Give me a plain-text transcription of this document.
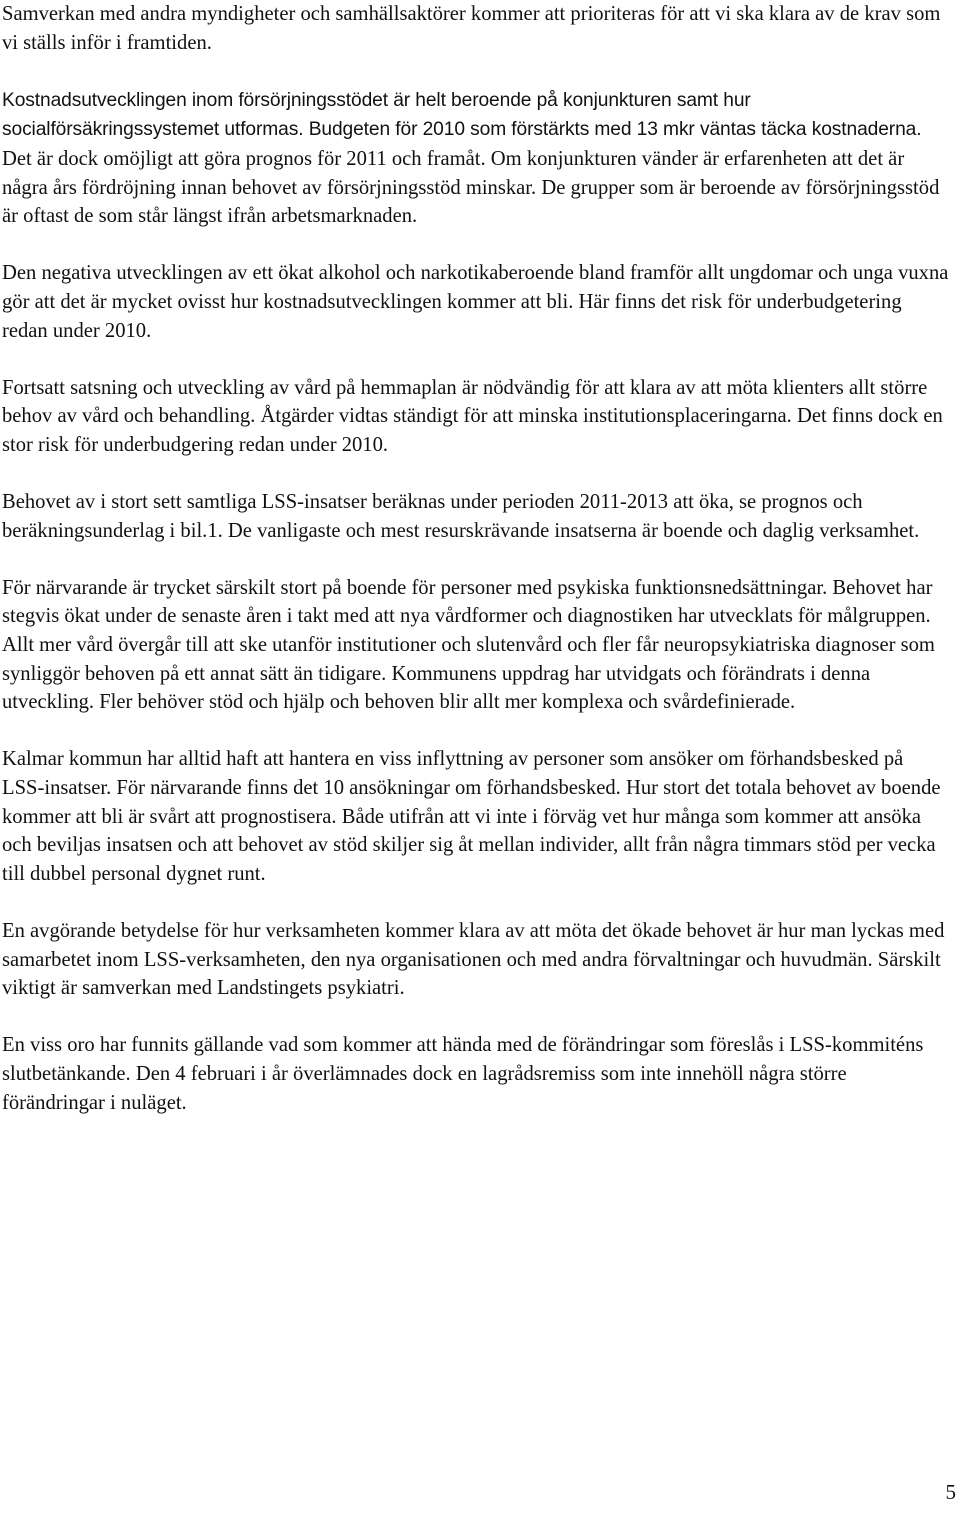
Samverkan med andra myndigheter och samhällsaktörer kommer att prioriteras för att vi ska klara av de krav som vi ställs inför i framtiden.

Kostnadsutvecklingen inom försörjningsstödet är helt beroende på konjunkturen samt hur socialförsäkringssystemet utformas. Budgeten för 2010 som förstärkts med 13 mkr väntas täcka kostnaderna. Det är dock omöjligt att göra prognos för 2011 och framåt. Om konjunkturen vänder är erfarenheten att det är några års fördröjning innan behovet av försörjningsstöd minskar. De grupper som är beroende av försörjningsstöd är oftast de som står längst ifrån arbetsmarknaden.

Den negativa utvecklingen av ett ökat alkohol och narkotikaberoende bland framför allt ungdomar och unga vuxna gör att det är mycket ovisst hur kostnadsutvecklingen kommer att bli. Här finns det risk för underbudgetering redan under 2010.

Fortsatt satsning och utveckling av vård på hemmaplan är nödvändig för att klara av att möta klienters allt större behov av vård och behandling. Åtgärder vidtas ständigt för att minska institutionsplaceringarna. Det finns dock en stor risk för underbudgering redan under 2010.

Behovet av i stort sett samtliga LSS-insatser beräknas under perioden 2011-2013 att öka, se prognos och beräkningsunderlag i bil.1. De vanligaste och mest resurskrävande insatserna är boende och daglig verksamhet.

För närvarande är trycket särskilt stort på boende för personer med psykiska funktionsnedsättningar. Behovet har stegvis ökat under de senaste åren i takt med att nya vårdformer och diagnostiken har utvecklats för målgruppen. Allt mer vård övergår till att ske utanför institutioner och slutenvård och fler får neuropsykiatriska diagnoser som synliggör behoven på ett annat sätt än tidigare. Kommunens uppdrag har utvidgats och förändrats i denna utveckling. Fler behöver stöd och hjälp och behoven blir allt mer komplexa och svårdefinierade.

Kalmar kommun har alltid haft att hantera en viss inflyttning av personer som ansöker om förhandsbesked på LSS-insatser. För närvarande finns det 10 ansökningar om förhandsbesked. Hur stort det totala behovet av boende kommer att bli är svårt att prognostisera. Både utifrån att vi inte i förväg vet hur många som kommer att ansöka och beviljas insatsen och att behovet av stöd skiljer sig åt mellan individer, allt från några timmars stöd per vecka till dubbel personal dygnet runt.

En avgörande betydelse för hur verksamheten kommer klara av att möta det ökade behovet är hur man lyckas med samarbetet inom LSS-verksamheten, den nya organisationen och med andra förvaltningar och huvudmän. Särskilt viktigt är samverkan med Landstingets psykiatri.

En viss oro har funnits gällande vad som kommer att hända med de förändringar som föreslås i LSS-kommiténs slutbetänkande. Den 4 februari i år överlämnades dock en lagrådsremiss som inte innehöll några större förändringar i nuläget.

5
